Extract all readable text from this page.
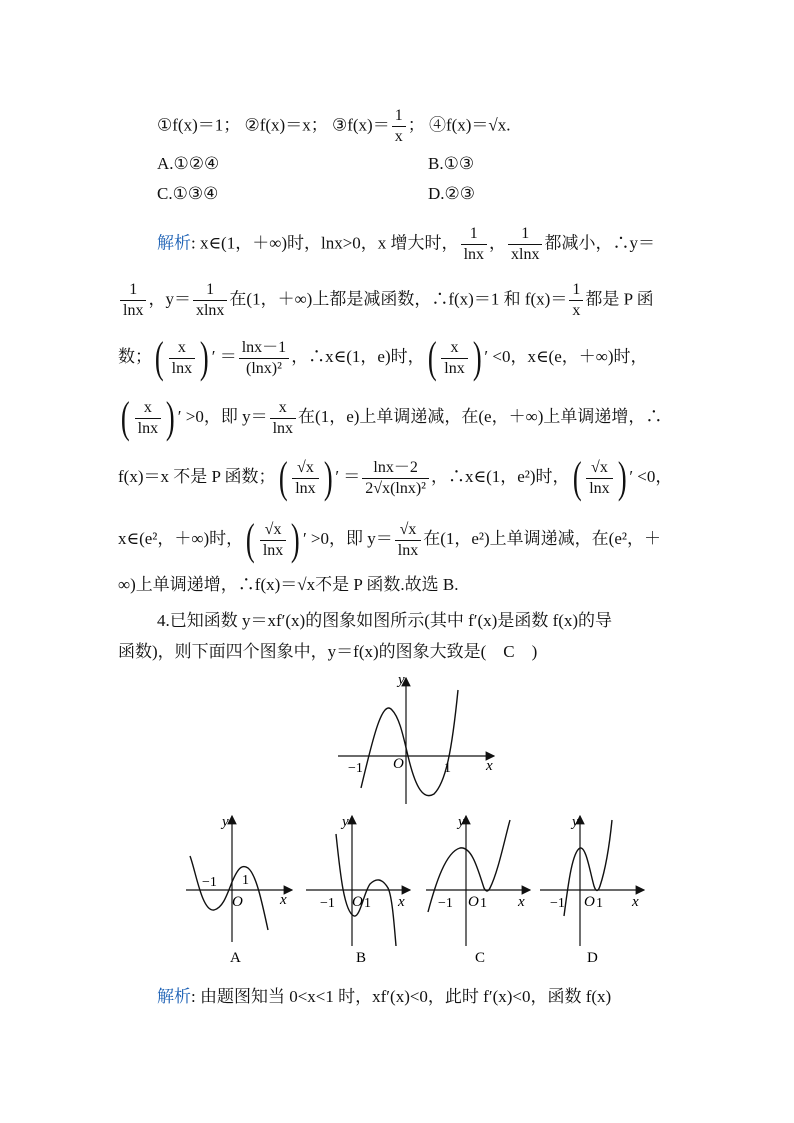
①f(x)＝1； ②f(x)＝x； ③f(x)＝ $\frac{1}{x}$ ； ④f(x)＝√x.
A.①②④	B.①③
C.①③④	D.②③
解析: x∈(1，＋∞)时，lnx>0，x 增大时， $\frac{1}{\ln x}$ ， $\frac{1}{xlnx}$ 都减小，∴y＝
$\frac{1}{\ln x}$ ，$y= \frac{1}{xlnx}$ 在(1，＋∞)上都是减函数，∴f(x)＝1 和 $f(x)= \frac{1}{x}$ 都是 P 函
数；( $\frac{x}{\ln x}$ ) ′ ＝ $\frac{\ln x-1}{\text{(lnx)²}}$ ，∴x∈(1，e)时，( $\frac{x}{\ln x}$ ) ′ <0，x∈(e，＋∞)时，
( $\frac{x}{\ln x}$ ) ′ >0，即 $y= \frac{x}{\ln x}$ 在(1，e)上单调递减，在(e，＋∞)上单调递增，∴
f(x)＝x 不是 P 函数；( $\frac{√x}{\ln x}$ ) ′ ＝ $\frac{\ln x-2}{\text{2√x(lnx)²}}$ ，∴x∈(1，e²)时，( $\frac{√x}{\ln x}$ ) ′ <0，
x∈(e²，＋∞)时，( $\frac{√x}{\ln x}$ ) ′ >0，即 $y= \frac{√x}{\ln x}$ 在(1，e²)上单调递减，在(e²，＋
∞)上单调递增，∴f(x)＝√x不是 P 函数.故选 B.
4.已知函数 y＝xf′(x)的图象如图所示(其中 f′(x)是函数 f(x)的导
函数)，则下面四个图象中，y＝f(x)的图象大致是(　C　)
y
x
O
−1	1
y
x
O
−1 1
A
y
x
O
−1 1
B
y
x
O
−1 1
C
y
x
O
−1 1
D
解析: 由题图知当 0<x<1 时，xf′(x)<0，此时 f′(x)<0，函数 f(x)
